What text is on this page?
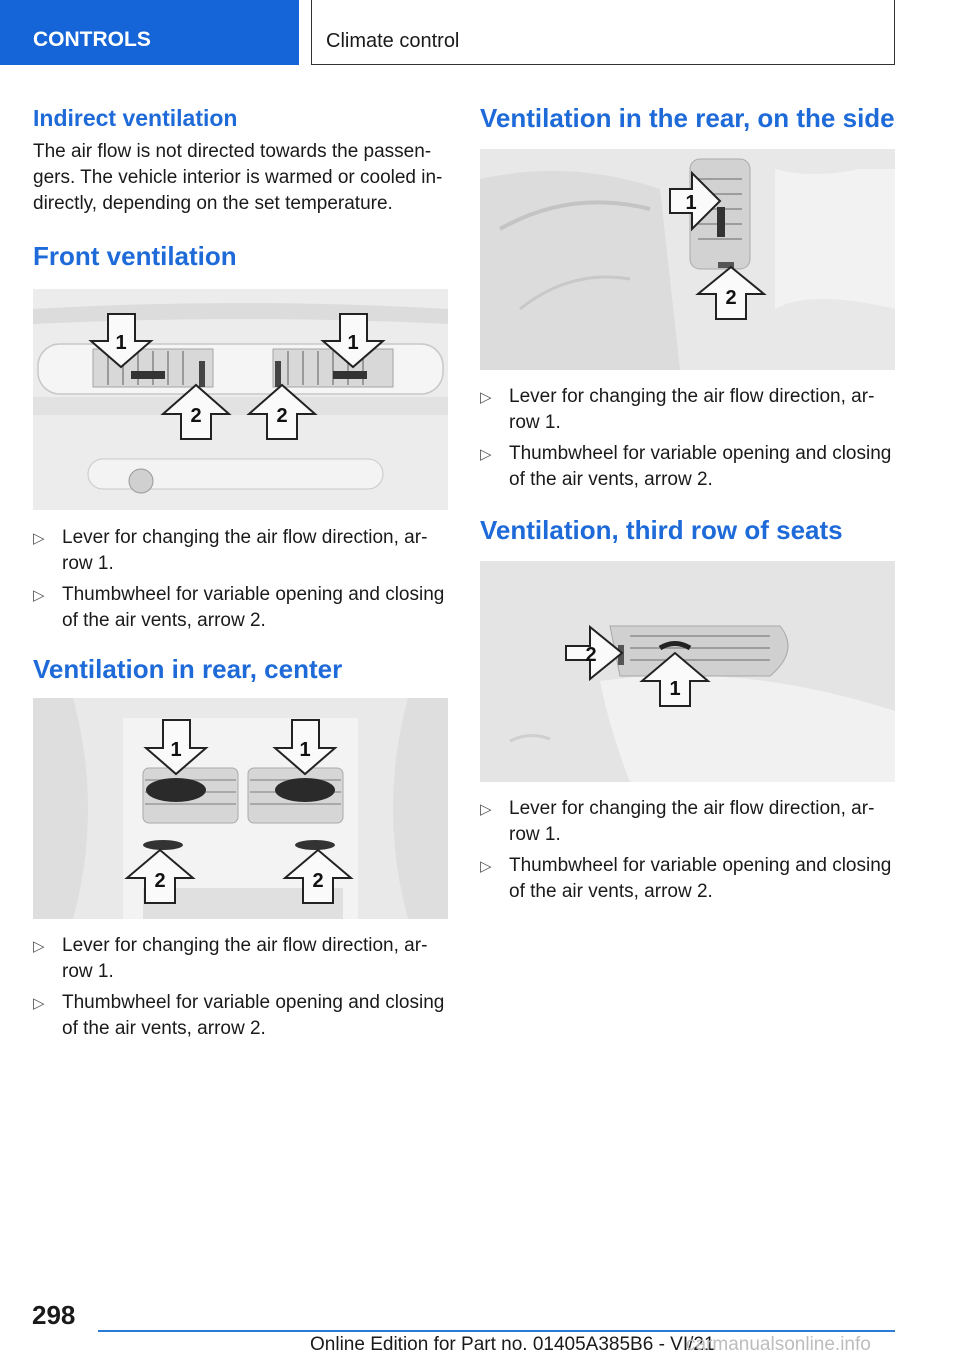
CONTROLS	Climate control
Indirect ventilation

The air flow is not directed towards the passen‐ gers. The vehicle interior is warmed or cooled in‐ directly, depending on the set temperature.

Front ventilation
1	1
2	2
▷ Lever for changing the air flow direction, ar‐ row 1.
▷ Thumbwheel for variable opening and closing of the air vents, arrow 2.
Ventilation in rear, center
1	1
2	2
▷ Lever for changing the air flow direction, ar‐ row 1.
▷ Thumbwheel for variable opening and closing of the air vents, arrow 2.
Ventilation in the rear, on the side
1
2
▷ Lever for changing the air flow direction, ar‐ row 1.
▷ Thumbwheel for variable opening and closing of the air vents, arrow 2.
Ventilation, third row of seats
2
1
▷ Lever for changing the air flow direction, ar‐ row 1.
▷ Thumbwheel for variable opening and closing of the air vents, arrow 2.
298
Online Edition for Part no. 01405A385B6 - VI/21
carmanualsonline.info
